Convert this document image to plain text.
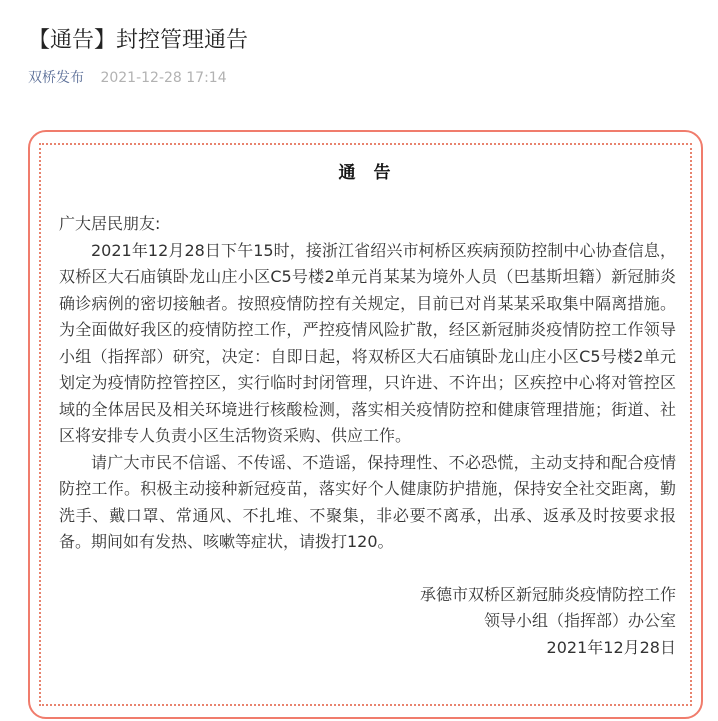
【通告】封控管理通告
双桥发布 2021-12-28 17:14
通 告

广大居民朋友:

2021年12月28日下午15时，接浙江省绍兴市柯桥区疾病预防控制中心协查信息，双桥区大石庙镇卧龙山庄小区C5号楼2单元肖某某为境外人员（巴基斯坦籍）新冠肺炎确诊病例的密切接触者。按照疫情防控有关规定，目前已对肖某某采取集中隔离措施。为全面做好我区的疫情防控工作，严控疫情风险扩散，经区新冠肺炎疫情防控工作领导小组（指挥部）研究，决定：自即日起，将双桥区大石庙镇卧龙山庄小区C5号楼2单元划定为疫情防控管控区，实行临时封闭管理，只许进、不许出；区疾控中心将对管控区域的全体居民及相关环境进行核酸检测，落实相关疫情防控和健康管理措施；街道、社区将安排专人负责小区生活物资采购、供应工作。

请广大市民不信谣、不传谣、不造谣，保持理性、不必恐慌，主动支持和配合疫情防控工作。积极主动接种新冠疫苗，落实好个人健康防护措施，保持安全社交距离，勤洗手、戴口罩、常通风、不扎堆、不聚集，非必要不离承，出承、返承及时按要求报备。期间如有发热、咳嗽等症状，请拨打120。

承德市双桥区新冠肺炎疫情防控工作
领导小组（指挥部）办公室
2021年12月28日
